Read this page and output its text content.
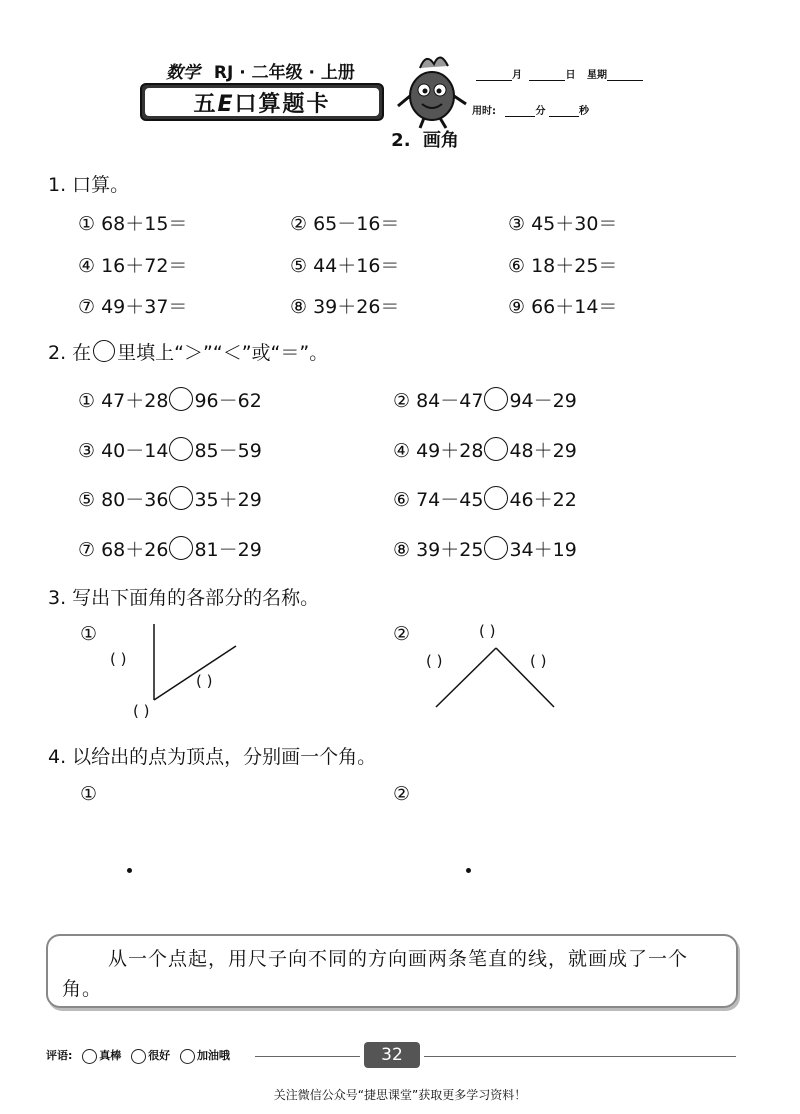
数学 RJ · 二年级 · 上册
五E口算题卡
月	日 星期
用时:	分	秒
2. 画角
1. 口算。
① 68＋15＝	② 65－16＝	③ 45＋30＝
④ 16＋72＝	⑤ 44＋16＝	⑥ 18＋25＝
⑦ 49＋37＝	⑧ 39＋26＝	⑨ 66＋14＝
2. 在 里填上“＞”“＜”或“＝”。
① 47＋28 96－62	② 84－47 94－29
③ 40－14 85－59	④ 49＋28 48＋29
⑤ 80－36 35＋29	⑥ 74－45 46＋22
⑦ 68＋26 81－29	⑧ 39＋25 34＋19
3. 写出下面角的各部分的名称。
①	②
( )
( )
( )
( )
( )	( )
4. 以给出的点为顶点，分别画一个角。
①	②
从一个点起，用尺子向不同的方向画两条笔直的线，就画成了一个角。
评语: 真棒 很好 加油哦	32
关注微信公众号“捷思课堂”获取更多学习资料！
